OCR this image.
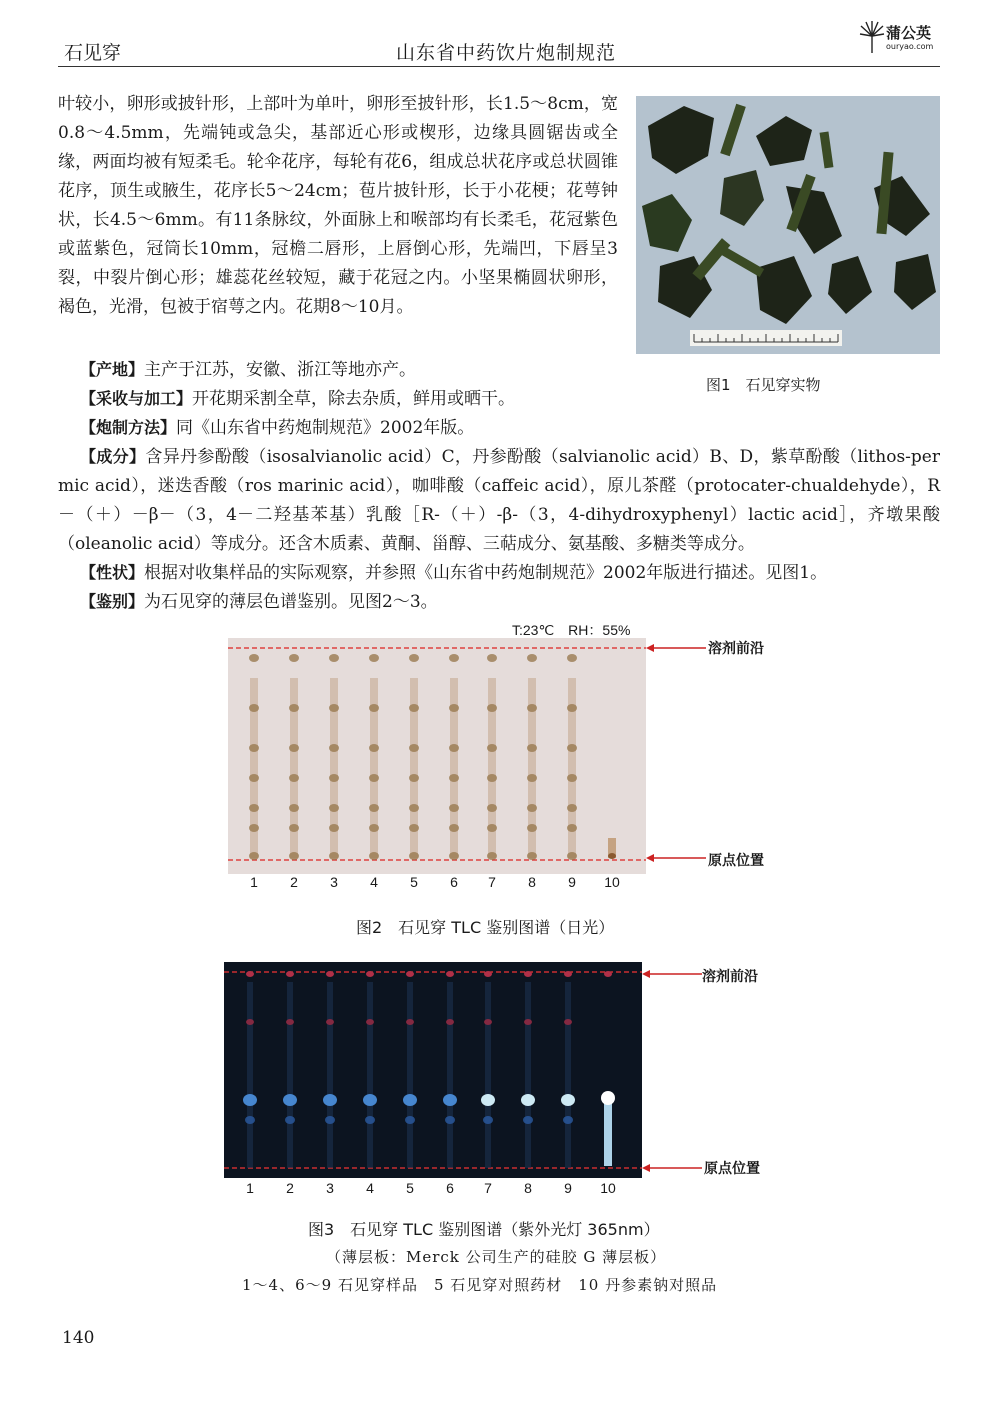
石见穿	山东省中药饮片炮制规范
蒲公英
ouryao.com

叶较小，卵形或披针形，上部叶为单叶，卵形至披针形，长1.5～8cm，宽0.8～4.5mm，先端钝或急尖，基部近心形或楔形，边缘具圆锯齿或全缘，两面均被有短柔毛。轮伞花序，每轮有花6，组成总状花序或总状圆锥花序，顶生或腋生，花序长5～24cm；苞片披针形，长于小花梗；花萼钟状，长4.5～6mm。有11条脉纹，外面脉上和喉部均有长柔毛，花冠紫色或蓝紫色，冠筒长10mm，冠檐二唇形，上唇倒心形，先端凹，下唇呈3裂，中裂片倒心形；雄蕊花丝较短，藏于花冠之内。小坚果椭圆状卵形，褐色，光滑，包被于宿萼之内。花期8～10月。

图1　石见穿实物

【产地】主产于江苏，安徽、浙江等地亦产。

【采收与加工】开花期采割全草，除去杂质，鲜用或晒干。

【炮制方法】同《山东省中药炮制规范》2002年版。

【成分】含异丹参酚酸（isosalvianolic acid）C，丹参酚酸（salvianolic acid）B、D，紫草酚酸（lithos-per mic acid），迷迭香酸（ros marinic acid），咖啡酸（caffeic acid），原儿茶醛（protocater-chualdehyde），R－（＋）－β－（3，4－二羟基苯基）乳酸［R-（＋）-β-（3，4-dihydroxyphenyl）lactic acid］，齐墩果酸（oleanolic acid）等成分。还含木质素、黄酮、甾醇、三萜成分、氨基酸、多糖类等成分。

【性状】根据对收集样品的实际观察，并参照《山东省中药炮制规范》2002年版进行描述。见图1。

【鉴别】为石见穿的薄层色谱鉴别。见图2～3。

T:23℃　RH：55%
溶剂前沿
原点位置
1	2	3	4	5	6	7	8	9	10
图2　石见穿 TLC 鉴别图谱（日光）
溶剂前沿
原点位置
1	2	3	4	5	6	7	8	9	10
图3　石见穿 TLC 鉴别图谱（紫外光灯 365nm）
（薄层板：Merck 公司生产的硅胶 G 薄层板）
1～4、6～9 石见穿样品　5 石见穿对照药材　10 丹参素钠对照品
140
